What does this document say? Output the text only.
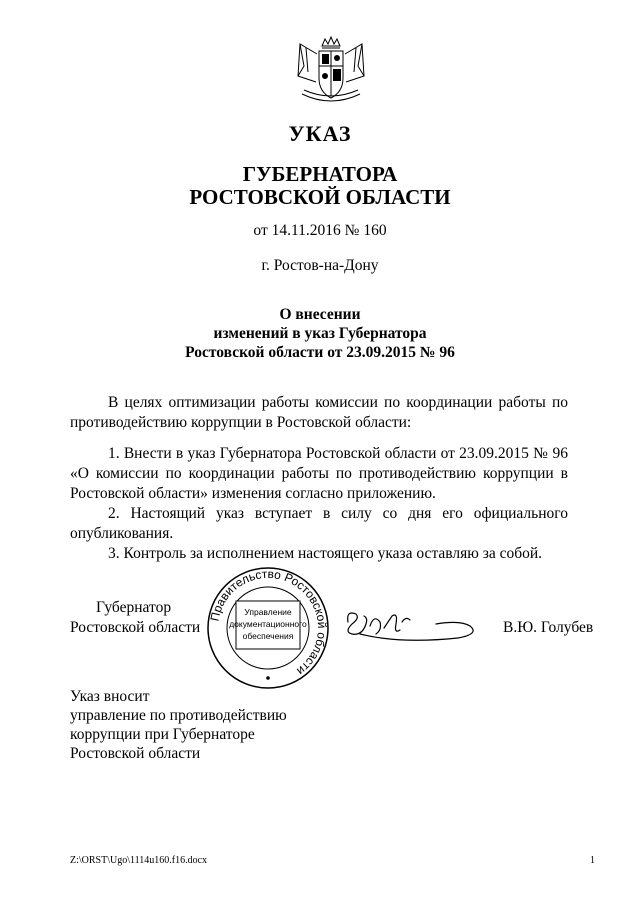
УКАЗ
ГУБЕРНАТОРА
РОСТОВСКОЙ ОБЛАСТИ
от 14.11.2016 № 160
г. Ростов-на-Дону
О внесении
изменений в указ Губернатора
Ростовской области от 23.09.2015 № 96

В целях оптимизации работы комиссии по координации работы по противодействию коррупции в Ростовской области:

1. Внести в указ Губернатора Ростовской области от 23.09.2015 № 96 «О комиссии по координации работы по противодействию коррупции в Ростовской области» изменения согласно приложению.

2. Настоящий указ вступает в силу со дня его официального опубликования.

3. Контроль за исполнением настоящего указа оставляю за собой.

Губернатор
Ростовской области	В.Ю. Голубев
Правительство Ростовской области
Управление
документационного
обеспечения
Указ вносит
управление по противодействию
коррупции при Губернаторе
Ростовской области
Z:\ORST\Ugo\1114u160.f16.docx	1
